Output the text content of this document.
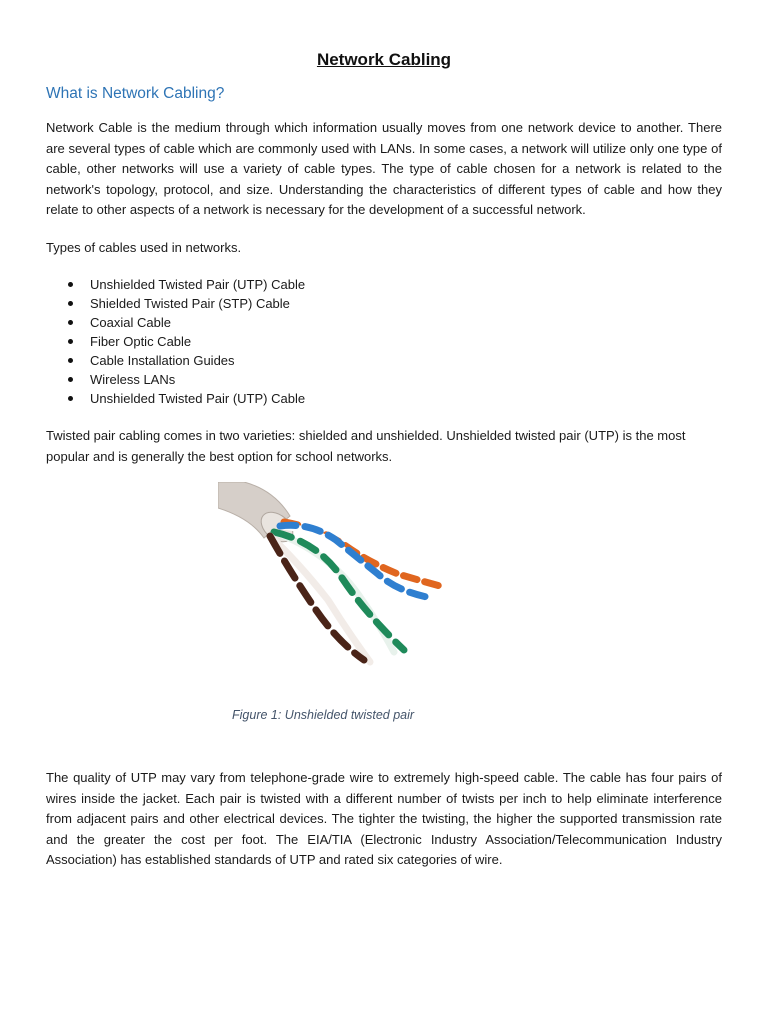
Network Cabling
What is Network Cabling?
Network Cable is the medium through which information usually moves from one network device to another. There are several types of cable which are commonly used with LANs. In some cases, a network will utilize only one type of cable, other networks will use a variety of cable types. The type of cable chosen for a network is related to the network's topology, protocol, and size. Understanding the characteristics of different types of cable and how they relate to other aspects of a network is necessary for the development of a successful network.
Types of cables used in networks.
Unshielded Twisted Pair (UTP) Cable
Shielded Twisted Pair (STP) Cable
Coaxial Cable
Fiber Optic Cable
Cable Installation Guides
Wireless LANs
Unshielded Twisted Pair (UTP) Cable
Twisted pair cabling comes in two varieties: shielded and unshielded. Unshielded twisted pair (UTP) is the most popular and is generally the best option for school networks.
Figure 1: Unshielded twisted pair
The quality of UTP may vary from telephone-grade wire to extremely high-speed cable. The cable has four pairs of wires inside the jacket. Each pair is twisted with a different number of twists per inch to help eliminate interference from adjacent pairs and other electrical devices. The tighter the twisting, the higher the supported transmission rate and the greater the cost per foot. The EIA/TIA (Electronic Industry Association/Telecommunication Industry Association) has established standards of UTP and rated six categories of wire.
